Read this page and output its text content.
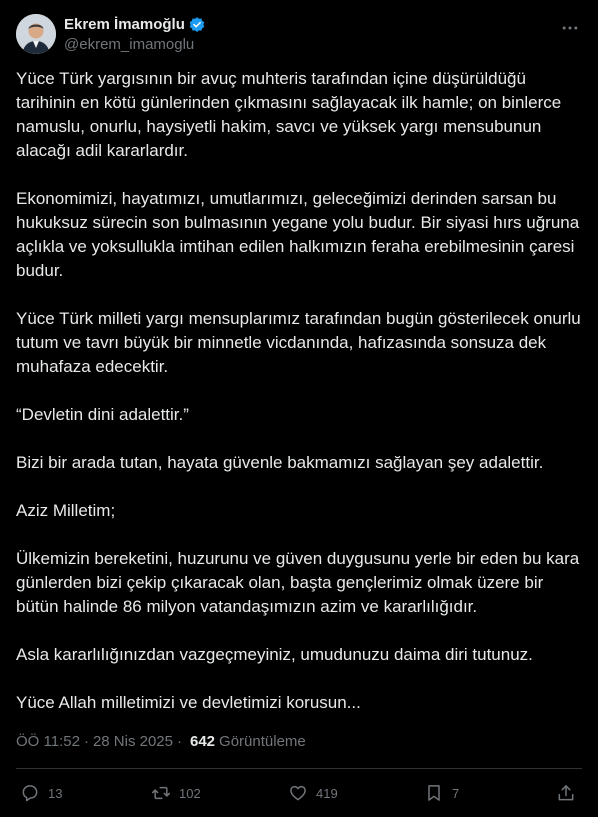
Ekrem İmamoğlu
@ekrem_imamoglu

Yüce Türk yargısının bir avuç muhteris tarafından içine düşürüldüğü tarihinin en kötü günlerinden çıkmasını sağlayacak ilk hamle; on binlerce namuslu, onurlu, haysiyetli hakim, savcı ve yüksek yargı mensubunun alacağı adil kararlardır.

Ekonomimizi, hayatımızı, umutlarımızı, geleceğimizi derinden sarsan bu hukuksuz sürecin son bulmasının yegane yolu budur. Bir siyasi hırs uğruna açlıkla ve yoksullukla imtihan edilen halkımızın feraha erebilmesinin çaresi budur.

Yüce Türk milleti yargı mensuplarımız tarafından bugün gösterilecek onurlu tutum ve tavrı büyük bir minnetle vicdanında, hafızasında sonsuza dek muhafaza edecektir.

“Devletin dini adalettir.”

Bizi bir arada tutan, hayata güvenle bakmamızı sağlayan şey adalettir.

Aziz Milletim;

Ülkemizin bereketini, huzurunu ve güven duygusunu yerle bir eden bu kara günlerden bizi çekip çıkaracak olan, başta gençlerimiz olmak üzere bir bütün halinde 86 milyon vatandaşımızın azim ve kararlılığıdır.

Asla kararlılığınızdan vazgeçmeyiniz, umudunuzu daima diri tutunuz.

Yüce Allah milletimizi ve devletimizi korusun...

ÖÖ 11:52 · 28 Nis 2025 · 642 Görüntüleme
13	102	419	7
